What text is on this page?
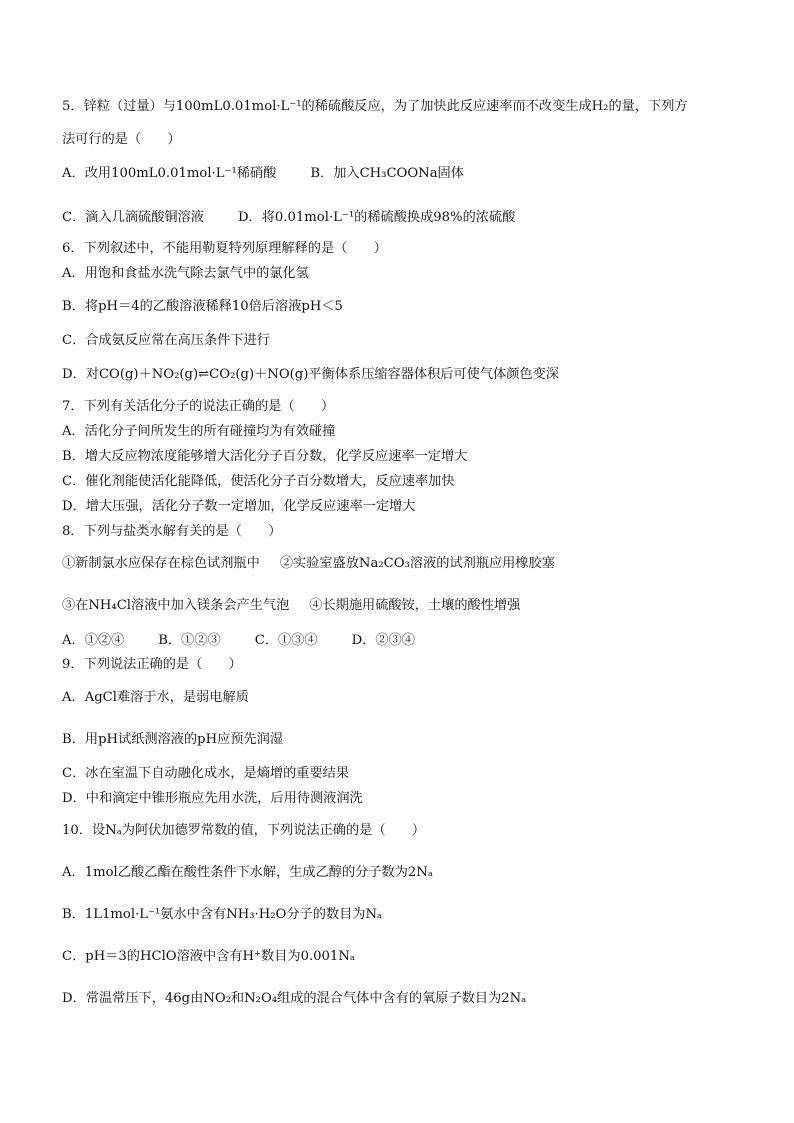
5．锌粒（过量）与100mL0.01mol·L⁻¹的稀硫酸反应，为了加快此反应速率而不改变生成H₂的量，下列方
法可行的是（　　）
A．改用100mL0.01mol·L⁻¹稀硝酸	B．加入CH₃COONa固体
C．滴入几滴硫酸铜溶液	D．将0.01mol·L⁻¹的稀硫酸换成98%的浓硫酸
6．下列叙述中，不能用勒夏特列原理解释的是（　　）
A．用饱和食盐水洗气除去氯气中的氯化氢
B．将pH＝4的乙酸溶液稀释10倍后溶液pH＜5
C．合成氨反应常在高压条件下进行
D．对CO(g)＋NO₂(g)⇌CO₂(g)＋NO(g)平衡体系压缩容器体积后可使气体颜色变深
7．下列有关活化分子的说法正确的是（　　）
A．活化分子间所发生的所有碰撞均为有效碰撞
B．增大反应物浓度能够增大活化分子百分数，化学反应速率一定增大
C．催化剂能使活化能降低，使活化分子百分数增大，反应速率加快
D．增大压强，活化分子数一定增加，化学反应速率一定增大
8．下列与盐类水解有关的是（　　）
①新制氯水应保存在棕色试剂瓶中 ②实验室盛放Na₂CO₃溶液的试剂瓶应用橡胶塞
③在NH₄Cl溶液中加入镁条会产生气泡 ④长期施用硫酸铵，土壤的酸性增强
A．①②④	B．①②③	C．①③④	D．②③④
9．下列说法正确的是（　　）
A．AgCl难溶于水，是弱电解质
B．用pH试纸测溶液的pH应预先润湿
C．冰在室温下自动融化成水，是熵增的重要结果
D．中和滴定中锥形瓶应先用水洗，后用待测液润洗
10．设Nₐ为阿伏加德罗常数的值，下列说法正确的是（　　）
A．1mol乙酸乙酯在酸性条件下水解，生成乙醇的分子数为2Nₐ
B．1L1mol·L⁻¹氨水中含有NH₃·H₂O分子的数目为Nₐ
C．pH＝3的HClO溶液中含有H⁺数目为0.001Nₐ
D．常温常压下，46g由NO₂和N₂O₄组成的混合气体中含有的氧原子数目为2Nₐ
